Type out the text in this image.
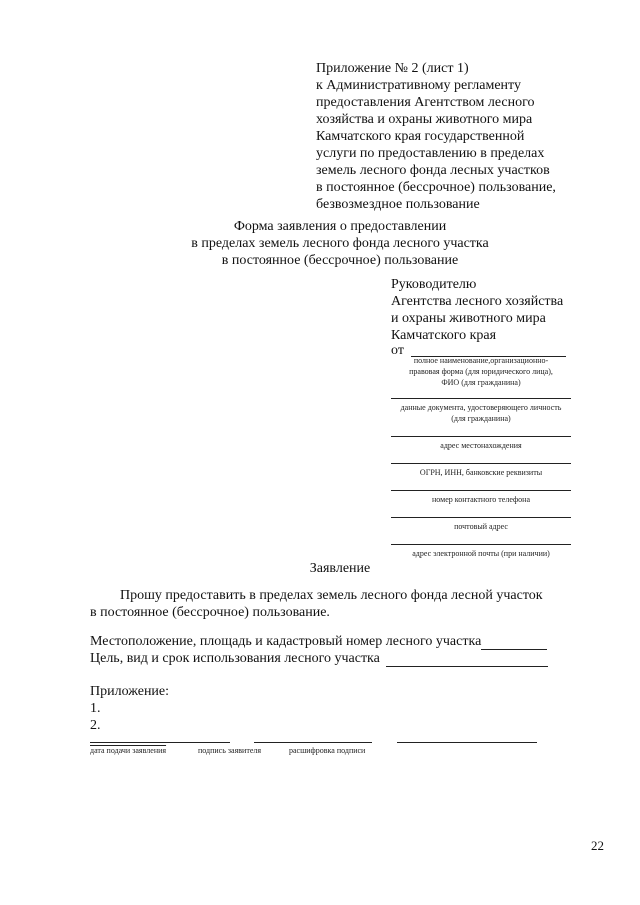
Приложение № 2 (лист 1)
к Административному регламенту
предоставления Агентством лесного
хозяйства и охраны животного мира
Камчатского края государственной
услуги по предоставлению в пределах
земель лесного фонда лесных участков
в постоянное (бессрочное) пользование,
безвозмездное пользование
Форма заявления о предоставлении
в пределах земель лесного фонда лесного участка
в постоянное (бессрочное) пользование
Руководителю
Агентства лесного хозяйства
и охраны животного мира
Камчатского края
от
полное наименование,организационно-
правовая форма (для юридического лица),
ФИО (для гражданина)
данные документа, удостоверяющего личность
(для гражданина)
адрес местонахождения
ОГРН, ИНН, банковские реквизиты
номер контактного телефона
почтовый адрес
адрес электронной почты (при наличии)
Заявление
Прошу предоставить в пределах земель лесного фонда лесной участок
в постоянное (бессрочное) пользование.
Местоположение, площадь и кадастровый номер лесного участка
Цель, вид и срок использования лесного участка
Приложение:
1.
2.
дата подачи заявления	подпись заявителя	расшифровка подписи
22
